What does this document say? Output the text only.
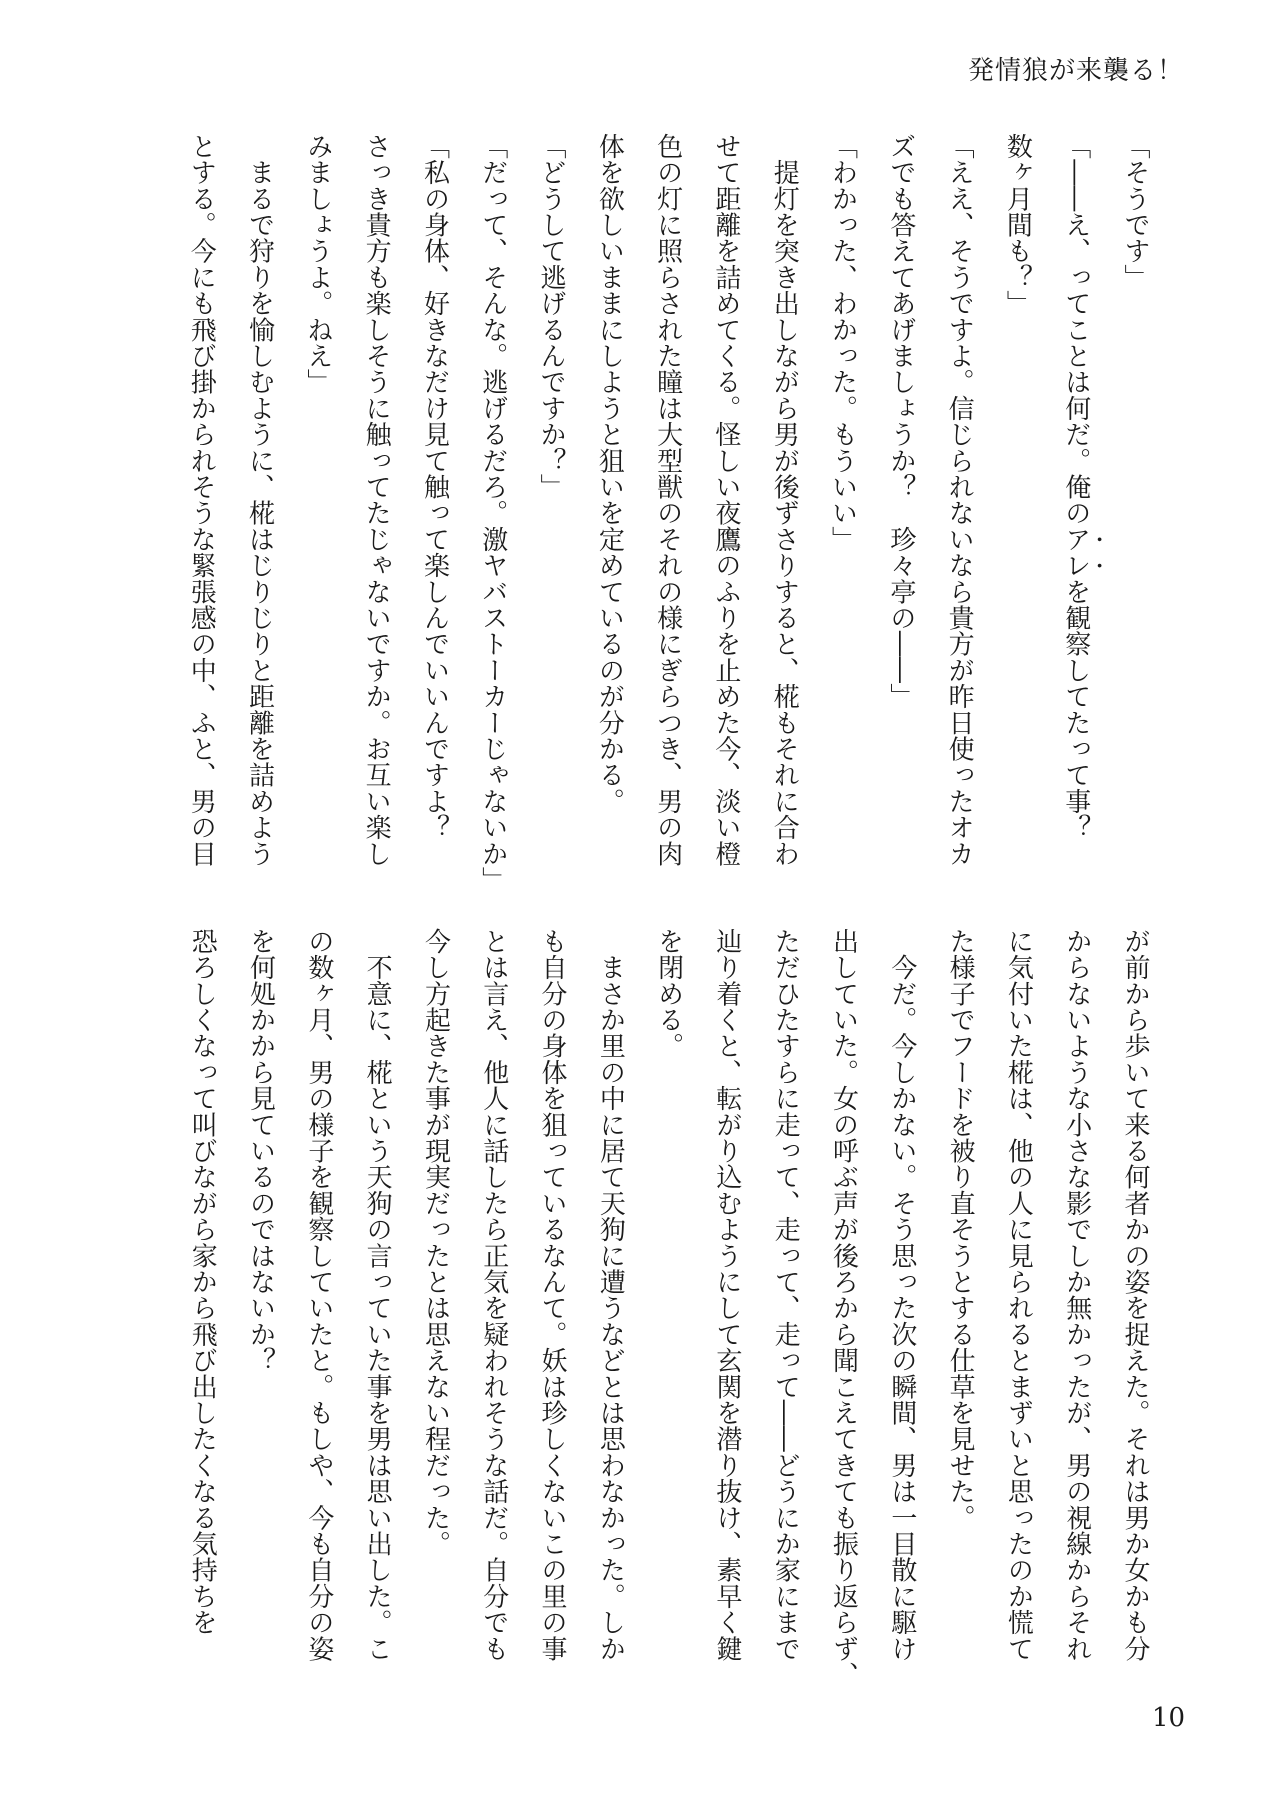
発情狼が来襲る！
「そうです」
「――え、ってことは何だ。俺のアレを観察してたって事？
数ヶ月間も？」
「ええ、そうですよ。信じられないなら貴方が昨日使ったオカ
ズでも答えてあげましょうか？　珍々亭の――」
「わかった、わかった。もういい」
　提灯を突き出しながら男が後ずさりすると、椛もそれに合わ
せて距離を詰めてくる。怪しい夜鷹のふりを止めた今、淡い橙
色の灯に照らされた瞳は大型獣のそれの様にぎらつき、男の肉
体を欲しいままにしようと狙いを定めているのが分かる。
「どうして逃げるんですか？」
「だって、そんな。逃げるだろ。激ヤバストーカーじゃないか」
「私の身体、好きなだけ見て触って楽しんでいいんですよ？
さっき貴方も楽しそうに触ってたじゃないですか。お互い楽し
みましょうよ。ねえ」
　まるで狩りを愉しむように、椛はじりじりと距離を詰めよう
とする。今にも飛び掛かられそうな緊張感の中、ふと、男の目
が前から歩いて来る何者かの姿を捉えた。それは男か女かも分
からないような小さな影でしか無かったが、男の視線からそれ
に気付いた椛は、他の人に見られるとまずいと思ったのか慌て
た様子でフードを被り直そうとする仕草を見せた。
　今だ。今しかない。そう思った次の瞬間、男は一目散に駆け
出していた。女の呼ぶ声が後ろから聞こえてきても振り返らず、
ただひたすらに走って、走って、走って――どうにか家にまで
辿り着くと、転がり込むようにして玄関を潜り抜け、素早く鍵
を閉める。
　まさか里の中に居て天狗に遭うなどとは思わなかった。しか
も自分の身体を狙っているなんて。妖は珍しくないこの里の事
とは言え、他人に話したら正気を疑われそうな話だ。自分でも
今し方起きた事が現実だったとは思えない程だった。
　不意に、椛という天狗の言っていた事を男は思い出した。こ
の数ヶ月、男の様子を観察していたと。もしや、今も自分の姿
を何処かから見ているのではないか？
恐ろしくなって叫びながら家から飛び出したくなる気持ちを
10
